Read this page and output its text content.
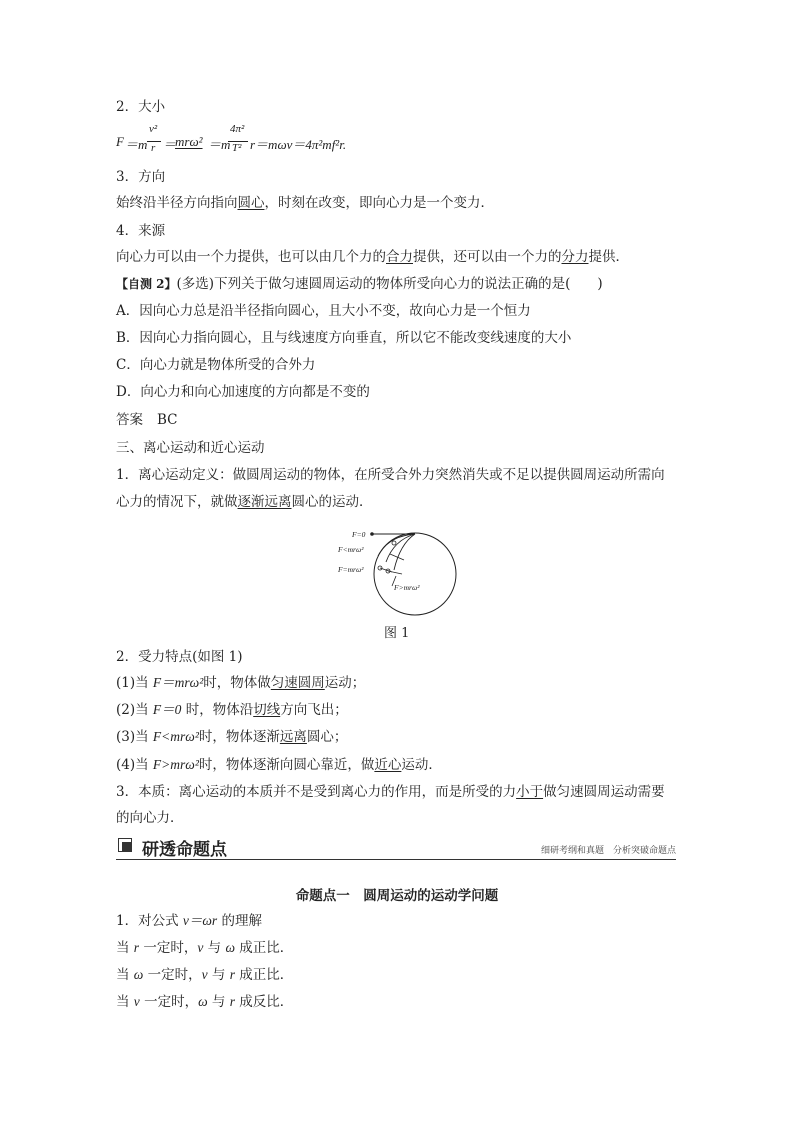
2．大小
F ＝m
v²
r ＝
mrω² ＝m
4π²
T² r＝mωv＝4π²mf²r.
3．方向
始终沿半径方向指向圆心，时刻在改变，即向心力是一个变力．
4．来源
向心力可以由一个力提供，也可以由几个力的合力提供，还可以由一个力的分力提供．
【自测 2】(多选)下列关于做匀速圆周运动的物体所受向心力的说法正确的是(　　)
A．因向心力总是沿半径指向圆心，且大小不变，故向心力是一个恒力
B．因向心力指向圆心，且与线速度方向垂直，所以它不能改变线速度的大小
C．向心力就是物体所受的合外力
D．向心力和向心加速度的方向都是不变的
答案 BC
三、离心运动和近心运动
1．离心运动定义：做圆周运动的物体，在所受合外力突然消失或不足以提供圆周运动所需向
心力的情况下，就做逐渐远离圆心的运动．
F=0
F<mrω²
F=mrω²
F>mrω²
图 1
2．受力特点(如图 1)
(1)当 F＝mrω²时，物体做匀速圆周运动；
(2)当 F＝0 时，物体沿切线方向飞出；
(3)当 F<mrω²时，物体逐渐远离圆心；
(4)当 F>mrω²时，物体逐渐向圆心靠近，做近心运动．
3．本质：离心运动的本质并不是受到离心力的作用，而是所受的力小于做匀速圆周运动需要
的向心力．
研透命题点	细研考纲和真题　分析突破命题点
命题点一　圆周运动的运动学问题
1．对公式 v＝ωr 的理解
当 r 一定时，v 与 ω 成正比．
当 ω 一定时，v 与 r 成正比．
当 v 一定时，ω 与 r 成反比．
